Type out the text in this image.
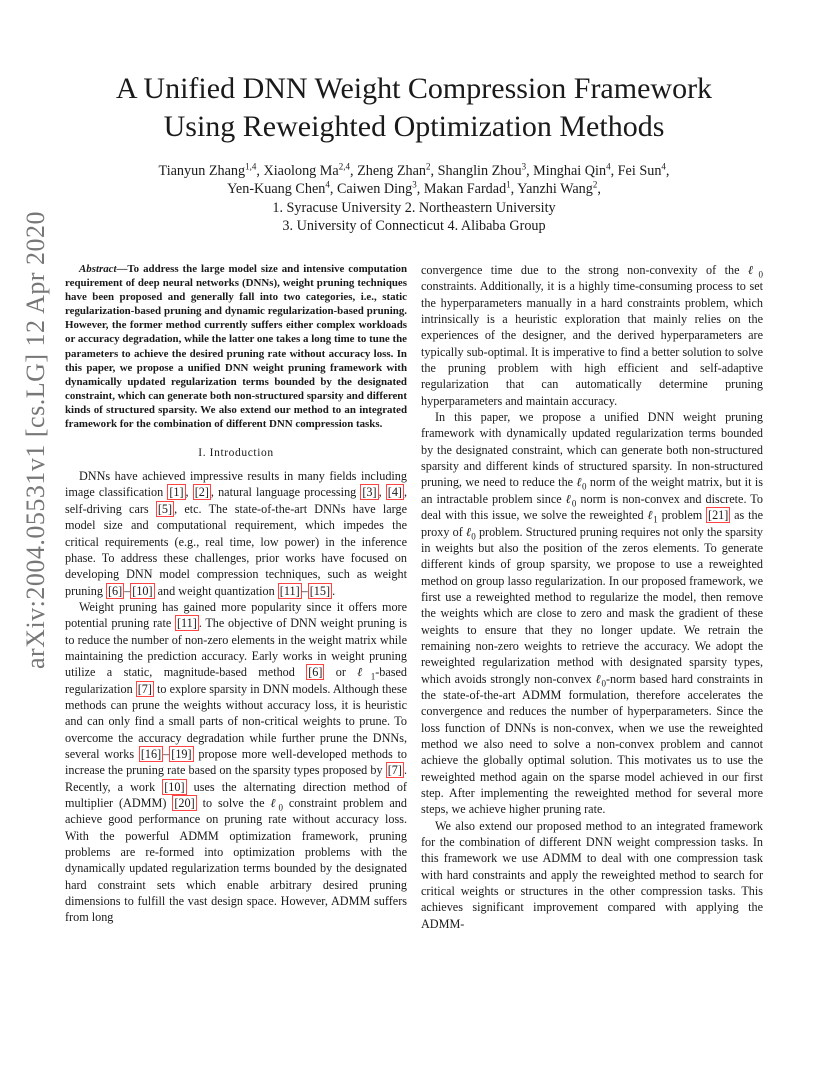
arXiv:2004.05531v1 [cs.LG] 12 Apr 2020
A Unified DNN Weight Compression Framework
Using Reweighted Optimization Methods
Tianyun Zhang$^{1,4}$, Xiaolong Ma$^{2,4}$, Zheng Zhan$^2$, Shanglin Zhou$^3$, Minghai Qin$^4$, Fei Sun$^4$,
Yen-Kuang Chen$^4$, Caiwen Ding$^3$, Makan Fardad$^1$, Yanzhi Wang$^2$,
1. Syracuse University 2. Northeastern University
3. University of Connecticut 4. Alibaba Group

Abstract—To address the large model size and intensive computation requirement of deep neural networks (DNNs), weight pruning techniques have been proposed and generally fall into two categories, i.e., static regularization-based pruning and dynamic regularization-based pruning. However, the former method currently suffers either complex workloads or accuracy degradation, while the latter one takes a long time to tune the parameters to achieve the desired pruning rate without accuracy loss. In this paper, we propose a unified DNN weight pruning framework with dynamically updated regularization terms bounded by the designated constraint, which can generate both non-structured sparsity and different kinds of structured sparsity. We also extend our method to an integrated framework for the combination of different DNN compression tasks.

I. Introduction

DNNs have achieved impressive results in many fields including image classification [1] , [2] , natural language processing [3] , [4] , self-driving cars [5] , etc. The state-of-the-art DNNs have large model size and computational requirement, which impedes the critical requirements (e.g., real time, low power) in the inference phase. To address these challenges, prior works have focused on developing DNN model compression techniques, such as weight pruning [6] – [10] and weight quantization [11] – [15] .

Weight pruning has gained more popularity since it offers more potential pruning rate [11] . The objective of DNN weight pruning is to reduce the number of non-zero elements in the weight matrix while maintaining the prediction accuracy. Early works in weight pruning utilize a static, magnitude-based method [6] or ℓ$_1$-based regularization [7] to explore sparsity in DNN models. Although these methods can prune the weights without accuracy loss, it is heuristic and can only find a small parts of non-critical weights to prune. To overcome the accuracy degradation while further prune the DNNs, several works [16] – [19] propose more well-developed methods to increase the pruning rate based on the sparsity types proposed by [7] . Recently, a work [10] uses the alternating direction method of multiplier (ADMM) [20] to solve the ℓ$_0$ constraint problem and achieve good performance on pruning rate without accuracy loss. With the powerful ADMM optimization framework, pruning problems are re-formed into optimization problems with the dynamically updated regularization terms bounded by the designated hard constraint sets which enable arbitrary desired pruning dimensions to fulfill the vast design space. However, ADMM suffers from long

convergence time due to the strong non-convexity of the ℓ$_0$ constraints. Additionally, it is a highly time-consuming process to set the hyperparameters manually in a hard constraints problem, which intrinsically is a heuristic exploration that mainly relies on the experiences of the designer, and the derived hyperparameters are typically sub-optimal. It is imperative to find a better solution to solve the pruning problem with high efficient and self-adaptive regularization that can automatically determine pruning hyperparameters and maintain accuracy.

In this paper, we propose a unified DNN weight pruning framework with dynamically updated regularization terms bounded by the designated constraint, which can generate both non-structured sparsity and different kinds of structured sparsity. In non-structured pruning, we need to reduce the ℓ$_0$ norm of the weight matrix, but it is an intractable problem since ℓ$_0$ norm is non-convex and discrete. To deal with this issue, we solve the reweighted ℓ$_1$ problem [21] as the proxy of ℓ$_0$ problem. Structured pruning requires not only the sparsity in weights but also the position of the zeros elements. To generate different kinds of group sparsity, we propose to use a reweighted method on group lasso regularization. In our proposed framework, we first use a reweighted method to regularize the model, then remove the weights which are close to zero and mask the gradient of these weights to ensure that they no longer update. We retrain the remaining non-zero weights to retrieve the accuracy. We adopt the reweighted regularization method with designated sparsity types, which avoids strongly non-convex ℓ$_0$-norm based hard constraints in the state-of-the-art ADMM formulation, therefore accelerates the convergence and reduces the number of hyperparameters. Since the loss function of DNNs is non-convex, when we use the reweighted method we also need to solve a non-convex problem and cannot achieve the globally optimal solution. This motivates us to use the reweighted method again on the sparse model achieved in our first step. After implementing the reweighted method for several more steps, we achieve higher pruning rate.

We also extend our proposed method to an integrated framework for the combination of different DNN weight compression tasks. In this framework we use ADMM to deal with one compression task with hard constraints and apply the reweighted method to search for critical weights or structures in the other compression tasks. This achieves significant improvement compared with applying the ADMM-
